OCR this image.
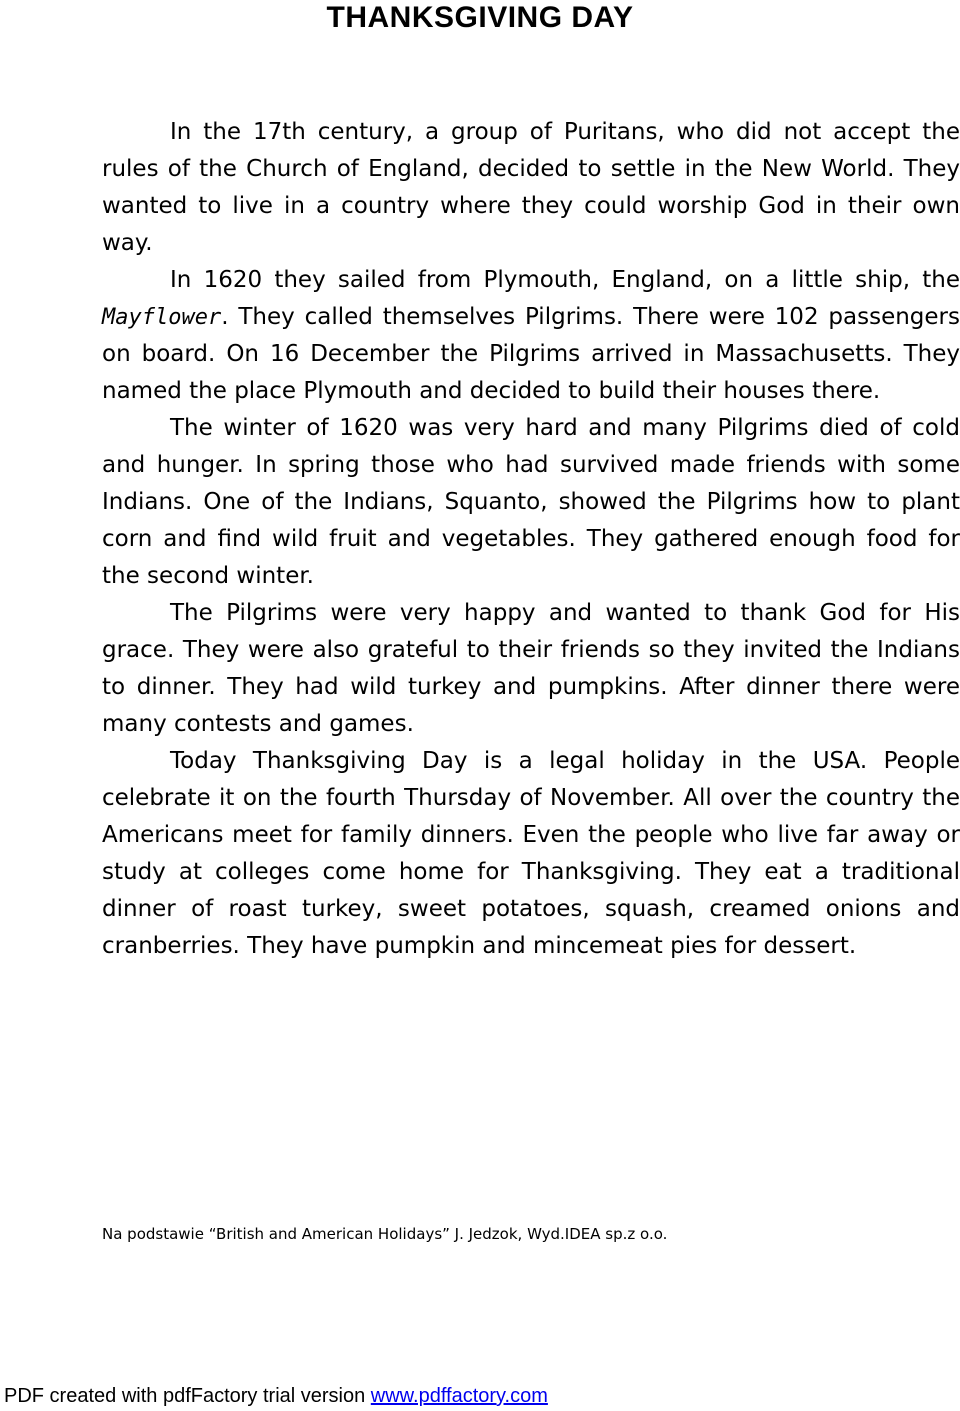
THANKSGIVING DAY

In the 17th century, a group of Puritans, who did not accept the rules of the Church of England, decided to settle in the New World. They wanted to live in a country where they could worship God in their own way.

In 1620 they sailed from Plymouth, England, on a little ship, the Mayflower. They called themselves Pilgrims. There were 102 passengers on board. On 16 December the Pilgrims arrived in Massachusetts. They named the place Plymouth and decided to build their houses there.

The winter of 1620 was very hard and many Pilgrims died of cold and hunger. In spring those who had survived made friends with some Indians. One of the Indians, Squanto, showed the Pilgrims how to plant corn and find wild fruit and vegetables. They gathered enough food for the second winter.

The Pilgrims were very happy and wanted to thank God for His grace. They were also grateful to their friends so they invited the Indians to dinner. They had wild turkey and pumpkins. After dinner there were many contests and games.

Today Thanksgiving Day is a legal holiday in the USA. People celebrate it on the fourth Thursday of November. All over the country the Americans meet for family dinners. Even the people who live far away or study at colleges come home for Thanksgiving. They eat a traditional dinner of roast turkey, sweet potatoes, squash, creamed onions and cranberries. They have pumpkin and mincemeat pies for dessert.

Na podstawie “British and American Holidays” J. Jedzok, Wyd.IDEA sp.z o.o.

PDF created with pdfFactory trial version www.pdffactory.com
